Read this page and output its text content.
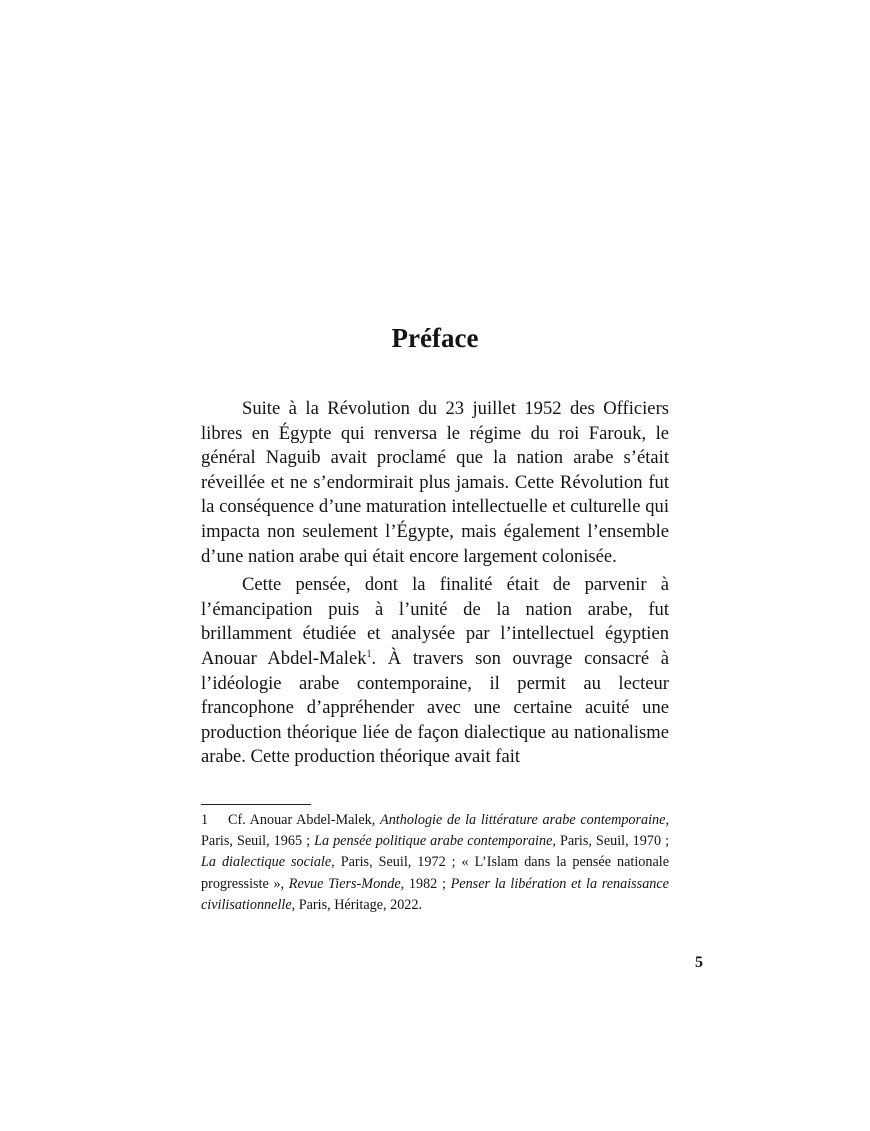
Préface

Suite à la Révolution du 23 juillet 1952 des Officiers libres en Égypte qui renversa le régime du roi Farouk, le général Naguib avait proclamé que la nation arabe s’était réveillée et ne s’endormirait plus jamais. Cette Révolution fut la conséquence d’une maturation intellectuelle et culturelle qui impacta non seulement l’Égypte, mais également l’ensemble d’une nation arabe qui était encore largement colonisée.

Cette pensée, dont la finalité était de parvenir à l’émancipation puis à l’unité de la nation arabe, fut brillamment étudiée et analysée par l’intellectuel égyptien Anouar Abdel-Malek$^1$. À travers son ouvrage consacré à l’idéologie arabe contemporaine, il permit au lecteur francophone d’appréhender avec une certaine acuité une production théorique liée de façon dialectique au nationalisme arabe. Cette production théorique avait fait

1 Cf. Anouar Abdel-Malek, Anthologie de la littérature arabe contemporaine, Paris, Seuil, 1965 ; La pensée politique arabe contemporaine, Paris, Seuil, 1970 ; La dialectique sociale, Paris, Seuil, 1972 ; « L’Islam dans la pensée nationale progressiste », Revue Tiers-Monde, 1982 ; Penser la libération et la renaissance civilisationnelle, Paris, Héritage, 2022.

5
